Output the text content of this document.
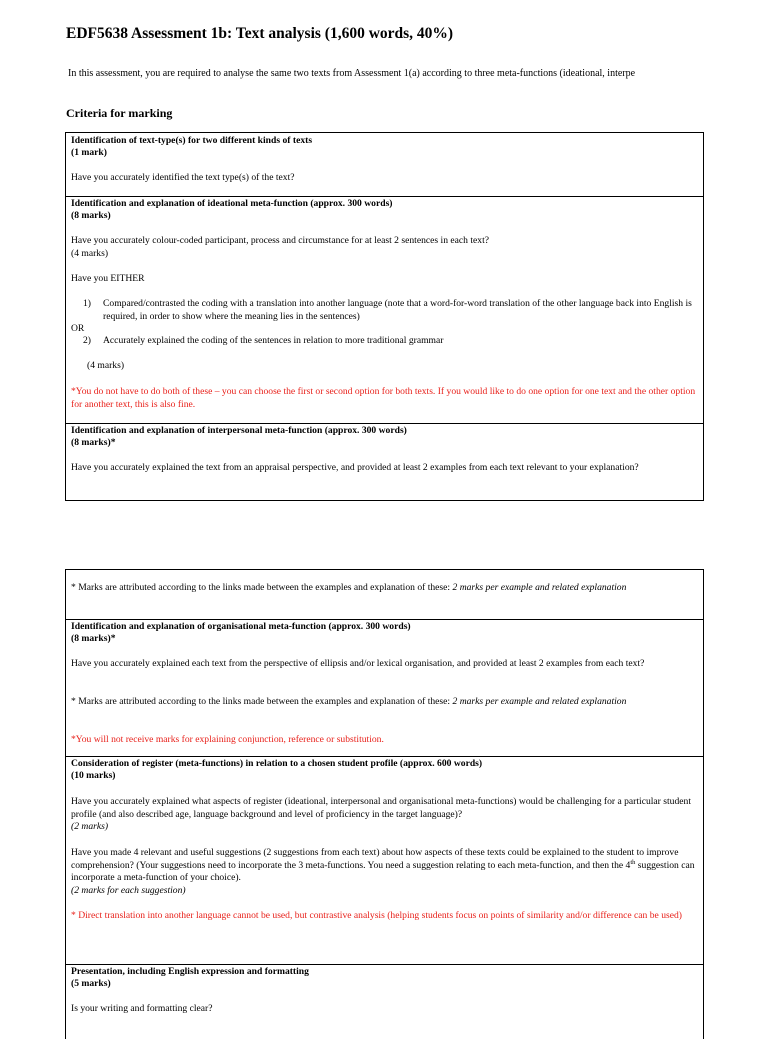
EDF5638 Assessment 1b: Text analysis (1,600 words, 40%)
In this assessment, you are required to analyse the same two texts from Assessment 1(a) according to three meta-functions (ideational, interpe
Criteria for marking

Identification of text-type(s) for two different kinds of texts

(1 mark)

Have you accurately identified the text type(s) of the text?

Identification and explanation of ideational meta-function (approx. 300 words)

(8 marks)

Have you accurately colour-coded participant, process and circumstance for at least 2 sentences in each text?

(4 marks)

Have you EITHER

1) Compared/contrasted the coding with a translation into another language (note that a word-for-word translation of the other language back into English is required, in order to show where the meaning lies in the sentences)

OR

2) Accurately explained the coding of the sentences in relation to more traditional grammar

(4 marks)

*You do not have to do both of these – you can choose the first or second option for both texts. If you would like to do one option for one text and the other option for another text, this is also fine.

Identification and explanation of interpersonal meta-function (approx. 300 words)

(8 marks)*

Have you accurately explained the text from an appraisal perspective, and provided at least 2 examples from each text relevant to your explanation?

* Marks are attributed according to the links made between the examples and explanation of these: 2 marks per example and related explanation

Identification and explanation of organisational meta-function (approx. 300 words)

(8 marks)*

Have you accurately explained each text from the perspective of ellipsis and/or lexical organisation, and provided at least 2 examples from each text?

* Marks are attributed according to the links made between the examples and explanation of these: 2 marks per example and related explanation

*You will not receive marks for explaining conjunction, reference or substitution.

Consideration of register (meta-functions) in relation to a chosen student profile (approx. 600 words)

(10 marks)

Have you accurately explained what aspects of register (ideational, interpersonal and organisational meta-functions) would be challenging for a particular student profile (and also described age, language background and level of proficiency in the target language)?

(2 marks)

Have you made 4 relevant and useful suggestions (2 suggestions from each text) about how aspects of these texts could be explained to the student to improve comprehension? (Your suggestions need to incorporate the 3 meta-functions. You need a suggestion relating to each meta-function, and then the 4th suggestion can incorporate a meta-function of your choice).

(2 marks for each suggestion)

* Direct translation into another language cannot be used, but contrastive analysis (helping students focus on points of similarity and/or difference can be used)

Presentation, including English expression and formatting

(5 marks)

Is your writing and formatting clear?
